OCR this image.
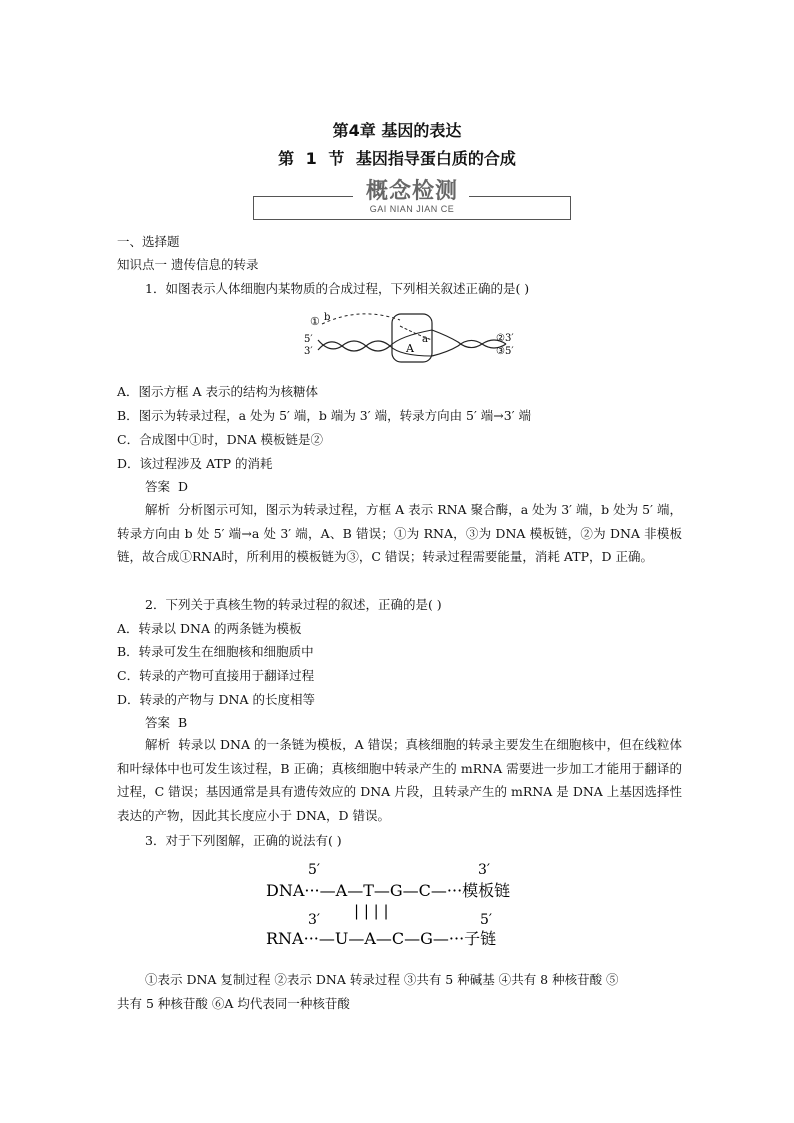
第4章 基因的表达
第 1 节 基因指导蛋白质的合成
概念检测
GAI NIAN JIAN CE
一、选择题
知识点一 遗传信息的转录
1．如图表示人体细胞内某物质的合成过程，下列相关叙述正确的是( )
① b
5′
3′	A
a	②3′
③5′
A．图示方框 A 表示的结构为核糖体
B．图示为转录过程，a 处为 5′ 端，b 端为 3′ 端，转录方向由 5′ 端→3′ 端
C．合成图中①时，DNA 模板链是②
D．该过程涉及 ATP 的消耗
答案 D
解析 分析图示可知，图示为转录过程，方框 A 表示 RNA 聚合酶，a 处为 3′ 端，b 处为 5′ 端，转录方向由 b 处 5′ 端→a 处 3′ 端，A、B 错误；①为 RNA，③为 DNA 模板链，②为 DNA 非模板链，故合成①RNA时，所利用的模板链为③，C 错误；转录过程需要能量，消耗 ATP，D 正确。
2．下列关于真核生物的转录过程的叙述，正确的是( )
A．转录以 DNA 的两条链为模板
B．转录可发生在细胞核和细胞质中
C．转录的产物可直接用于翻译过程
D．转录的产物与 DNA 的长度相等
答案 B
解析 转录以 DNA 的一条链为模板，A 错误；真核细胞的转录主要发生在细胞核中，但在线粒体和叶绿体中也可发生该过程，B 正确；真核细胞中转录产生的 mRNA 需要进一步加工才能用于翻译的过程，C 错误；基因通常是具有遗传效应的 DNA 片段，且转录产生的 mRNA 是 DNA 上基因选择性表达的产物，因此其长度应小于 DNA，D 错误。
3．对于下列图解，正确的说法有( )
5′	3′
DNA···—A—T—G—C—···模板链
| | | |
3′	5′
RNA···—U—A—C—G—···子链
①表示 DNA 复制过程 ②表示 DNA 转录过程 ③共有 5 种碱基 ④共有 8 种核苷酸 ⑤
共有 5 种核苷酸 ⑥A 均代表同一种核苷酸
